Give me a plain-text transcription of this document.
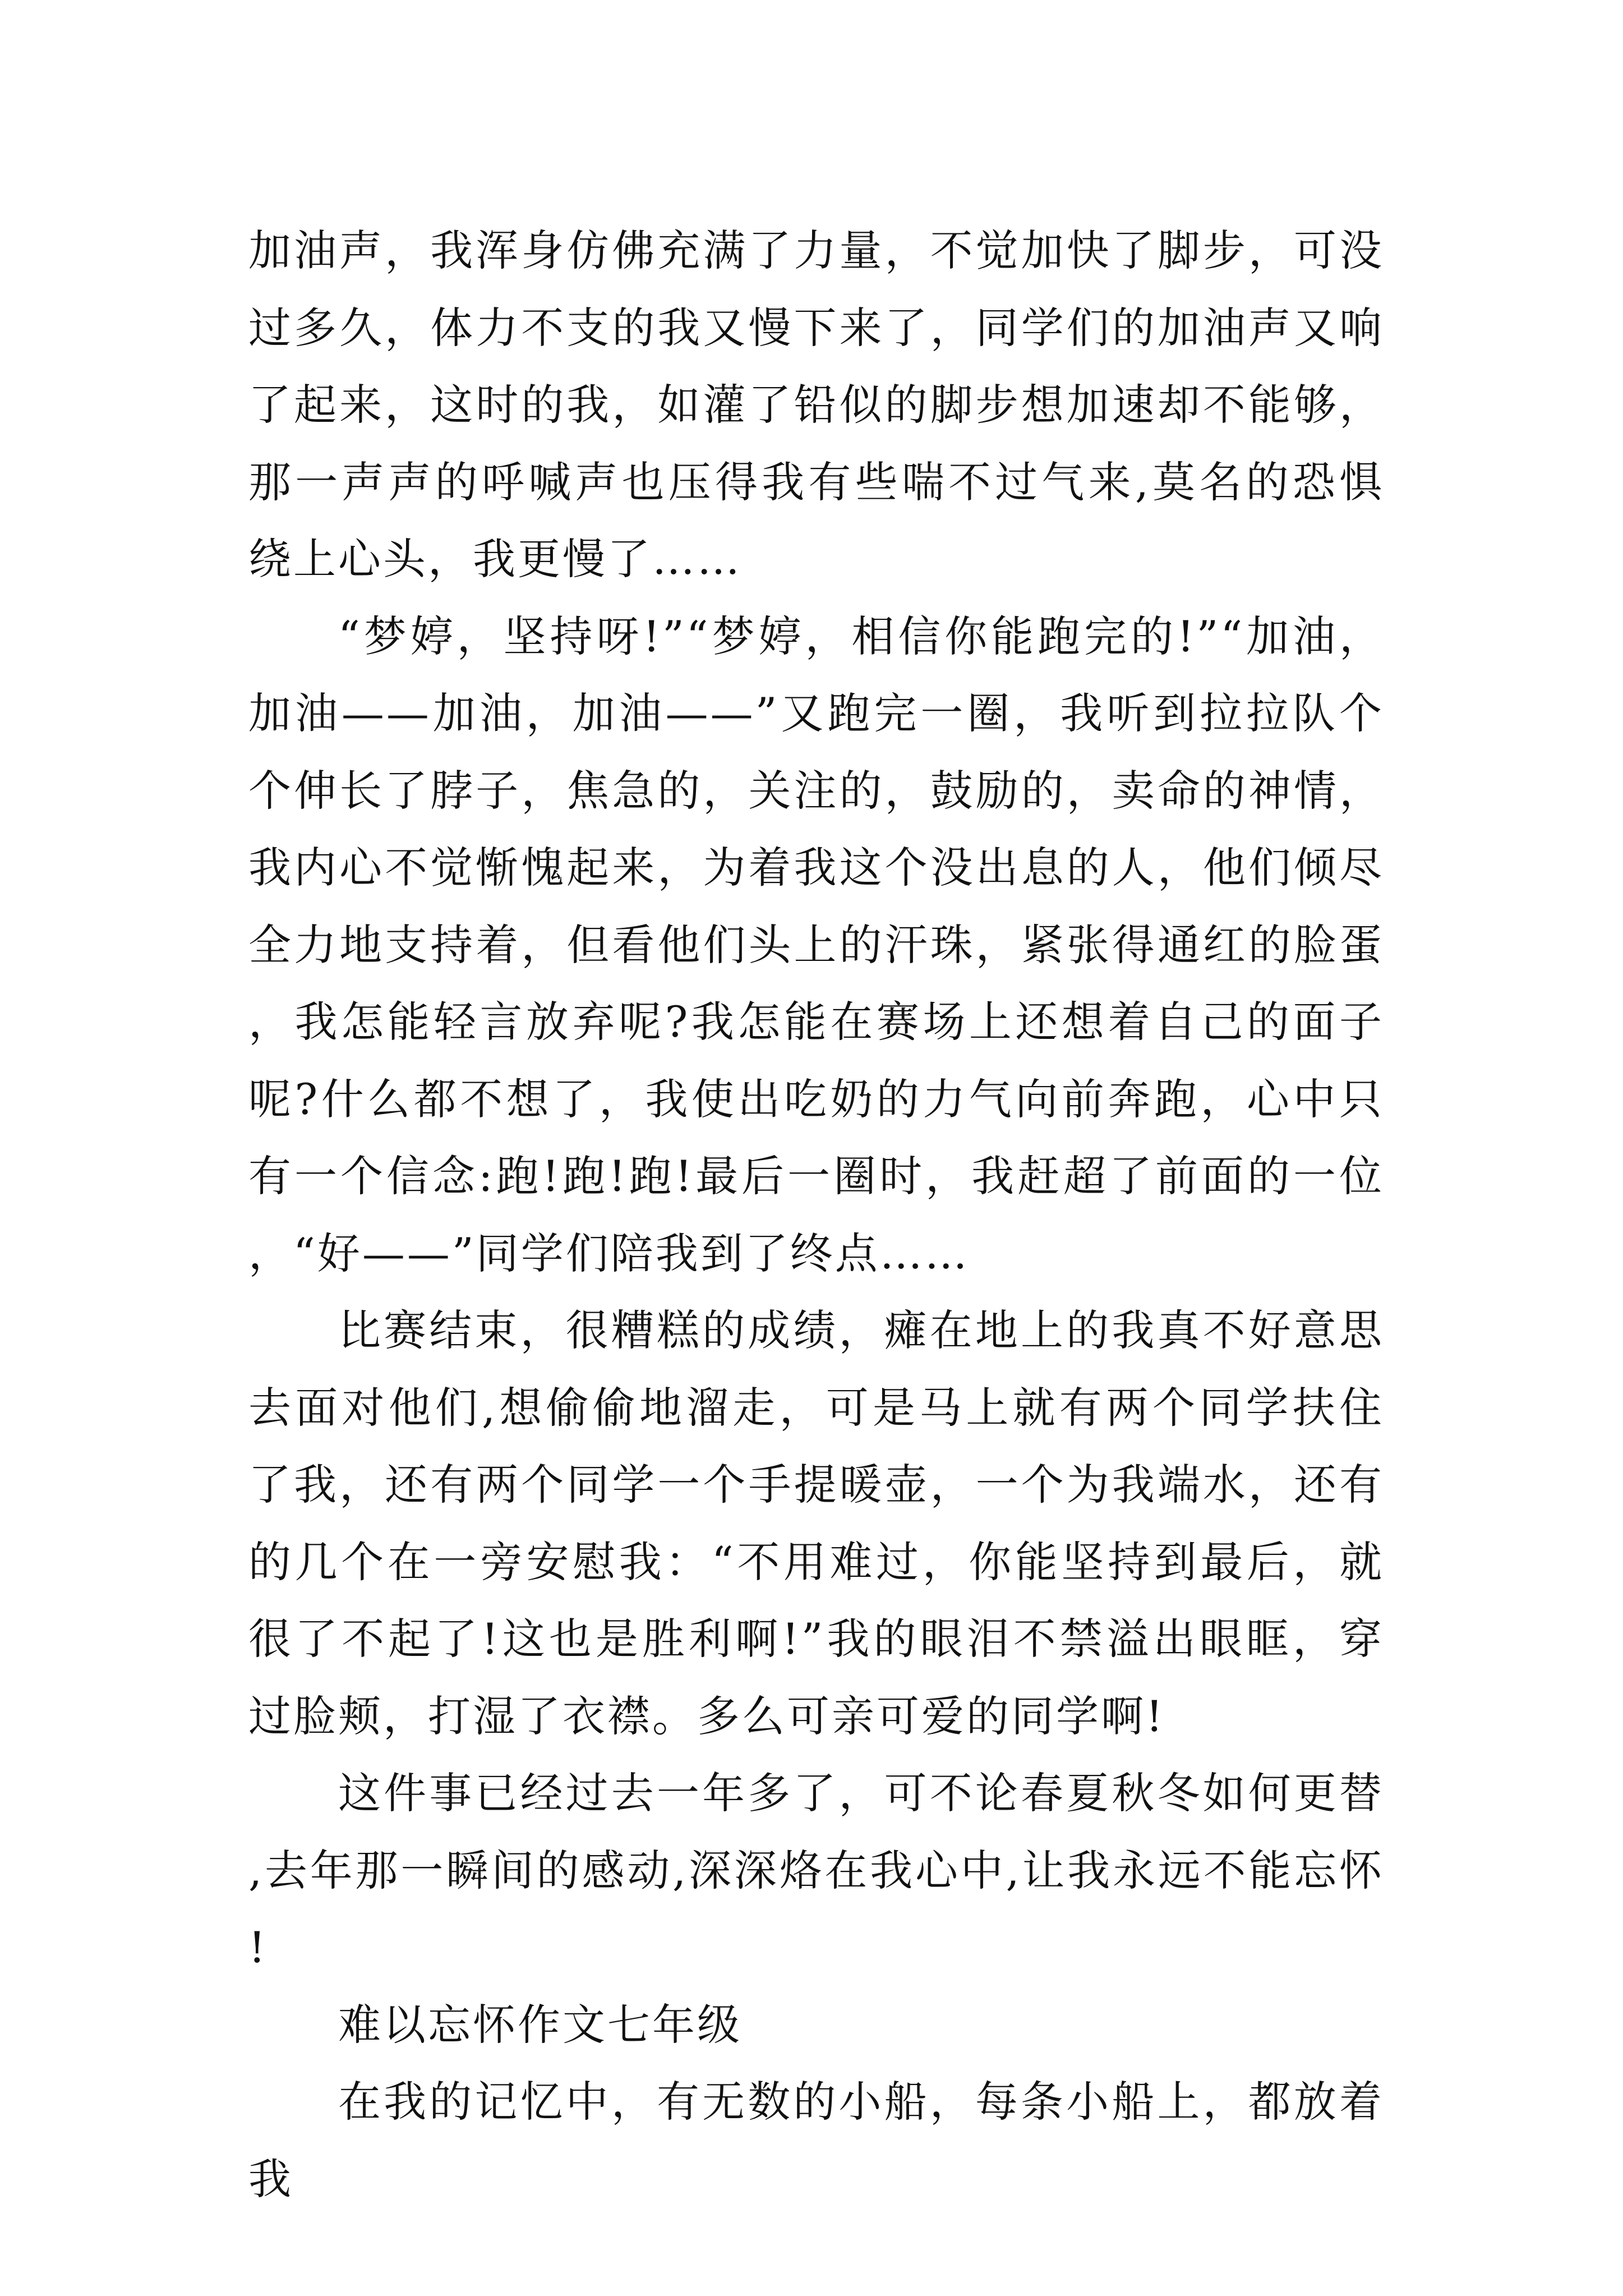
加油声，我浑身仿佛充满了力量，不觉加快了脚步，可没过多久，体力不支的我又慢下来了，同学们的加油声又响了起来，这时的我，如灌了铅似的脚步想加速却不能够，那一声声的呼喊声也压得我有些喘不过气来,莫名的恐惧绕上心头，我更慢了……

“梦婷，坚持呀!”“梦婷，相信你能跑完的!”“加油，加油——加油，加油——”又跑完一圈，我听到拉拉队个个伸长了脖子，焦急的，关注的，鼓励的，卖命的神情，我内心不觉惭愧起来，为着我这个没出息的人，他们倾尽全力地支持着，但看他们头上的汗珠，紧张得通红的脸蛋，我怎能轻言放弃呢?我怎能在赛场上还想着自己的面子呢?什么都不想了，我使出吃奶的力气向前奔跑，心中只有一个信念:跑!跑!跑!最后一圈时，我赶超了前面的一位，“好——”同学们陪我到了终点……

比赛结束，很糟糕的成绩，瘫在地上的我真不好意思去面对他们,想偷偷地溜走，可是马上就有两个同学扶住了我，还有两个同学一个手提暖壶，一个为我端水，还有的几个在一旁安慰我：“不用难过，你能坚持到最后，就很了不起了!这也是胜利啊!”我的眼泪不禁溢出眼眶，穿过脸颊，打湿了衣襟。多么可亲可爱的同学啊!

这件事已经过去一年多了，可不论春夏秋冬如何更替,去年那一瞬间的感动,深深烙在我心中,让我永远不能忘怀!

难以忘怀作文七年级

在我的记忆中，有无数的小船，每条小船上，都放着我
